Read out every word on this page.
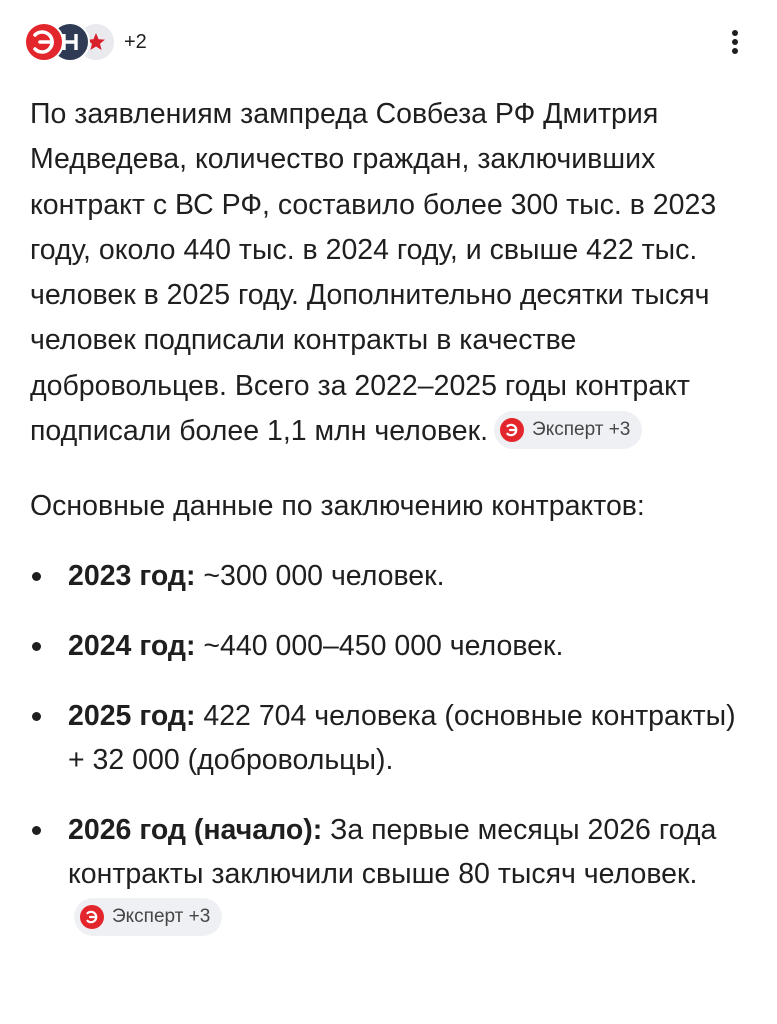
+2

По заявлениям зампреда Совбеза РФ Дмитрия Медведева, количество граждан, заключивших контракт с ВС РФ, составило более 300 тыс. в 2023 году, около 440 тыс. в 2024 году, и свыше 422 тыс. человек в 2025 году. Дополнительно десятки тысяч человек подписали контракты в качестве добровольцев. Всего за 2022–2025 годы контракт подписали более 1,1 млн человек. Эксперт +3

Основные данные по заключению контрактов:

2023 год: ~300 000 человек.
2024 год: ~440 000–450 000 человек.
2025 год: 422 704 человека (основные контракты) + 32 000 (добровольцы).
2026 год (начало): За первые месяцы 2026 года контракты заключили свыше 80 тысяч человек.
Эксперт +3
